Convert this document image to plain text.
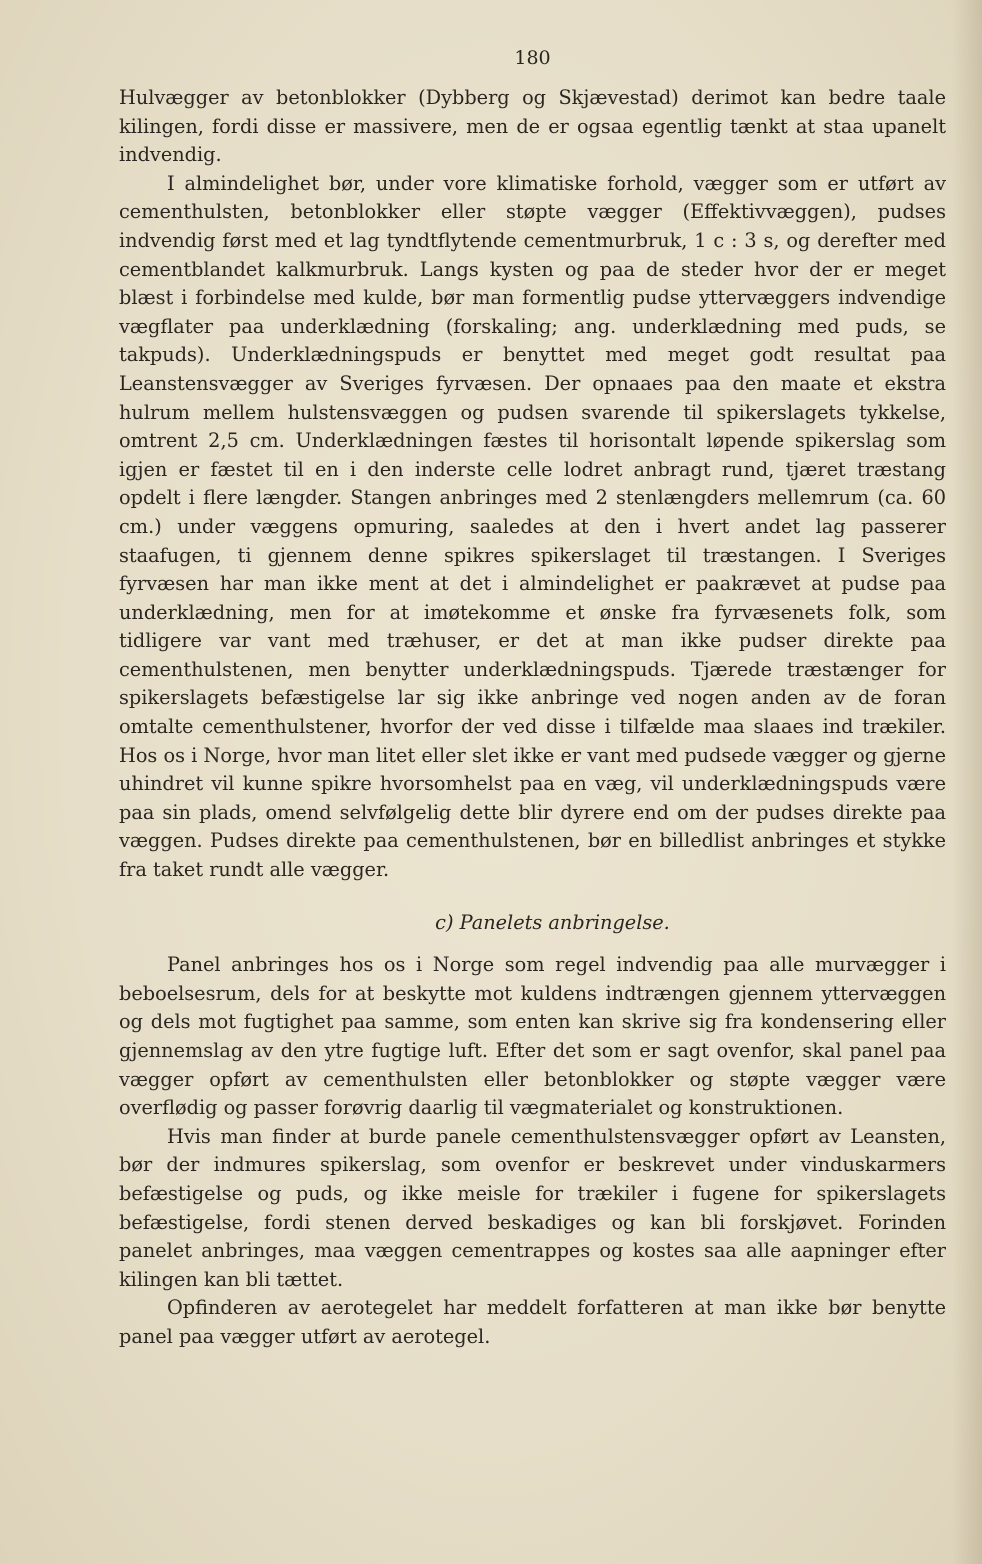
180

Hulvægger av betonblokker (Dybberg og Skjævestad) derimot kan bedre taale kilingen, fordi disse er massivere, men de er ogsaa egentlig tænkt at staa upanelt indvendig.

I almindelighet bør, under vore klimatiske forhold, vægger som er utført av cementhulsten, betonblokker eller støpte vægger (Effektivvæggen), pudses indvendig først med et lag tyndtflytende cementmurbruk, 1 c : 3 s, og derefter med cementblandet kalkmurbruk. Langs kysten og paa de steder hvor der er meget blæst i forbindelse med kulde, bør man formentlig pudse yttervæggers indvendige vægflater paa underklædning (forskaling; ang. underklædning med puds, se takpuds). Underklædningspuds er benyttet med meget godt resultat paa Leanstensvægger av Sveriges fyrvæsen. Der opnaaes paa den maate et ekstra hulrum mellem hulstensvæggen og pudsen svarende til spikerslagets tykkelse, omtrent 2,5 cm. Underklædningen fæstes til horisontalt løpende spikerslag som igjen er fæstet til en i den inderste celle lodret anbragt rund, tjæret træstang opdelt i flere længder. Stangen anbringes med 2 stenlængders mellemrum (ca. 60 cm.) under væggens opmuring, saaledes at den i hvert andet lag passerer staafugen, ti gjennem denne spikres spikerslaget til træstangen. I Sveriges fyrvæsen har man ikke ment at det i almindelighet er paakrævet at pudse paa underklædning, men for at imøtekomme et ønske fra fyrvæsenets folk, som tidligere var vant med træhuser, er det at man ikke pudser direkte paa cementhulstenen, men benytter underklædningspuds. Tjærede træstænger for spikerslagets befæstigelse lar sig ikke anbringe ved nogen anden av de foran omtalte cementhulstener, hvorfor der ved disse i tilfælde maa slaaes ind trækiler. Hos os i Norge, hvor man litet eller slet ikke er vant med pudsede vægger og gjerne uhindret vil kunne spikre hvorsomhelst paa en væg, vil underklædningspuds være paa sin plads, omend selvfølgelig dette blir dyrere end om der pudses direkte paa væggen. Pudses direkte paa cementhulstenen, bør en billedlist anbringes et stykke fra taket rundt alle vægger.

c) Panelets anbringelse.

Panel anbringes hos os i Norge som regel indvendig paa alle murvægger i beboelsesrum, dels for at beskytte mot kuldens indtrængen gjennem yttervæggen og dels mot fugtighet paa samme, som enten kan skrive sig fra kondensering eller gjennemslag av den ytre fugtige luft. Efter det som er sagt ovenfor, skal panel paa vægger opført av cementhulsten eller betonblokker og støpte vægger være overflødig og passer forøvrig daarlig til vægmaterialet og konstruktionen.

Hvis man finder at burde panele cementhulstensvægger opført av Leansten, bør der indmures spikerslag, som ovenfor er beskrevet under vinduskarmers befæstigelse og puds, og ikke meisle for trækiler i fugene for spikerslagets befæstigelse, fordi stenen derved beskadiges og kan bli forskjøvet. Forinden panelet anbringes, maa væggen cementrappes og kostes saa alle aapninger efter kilingen kan bli tættet.

Opfinderen av aerotegelet har meddelt forfatteren at man ikke bør benytte panel paa vægger utført av aerotegel.
